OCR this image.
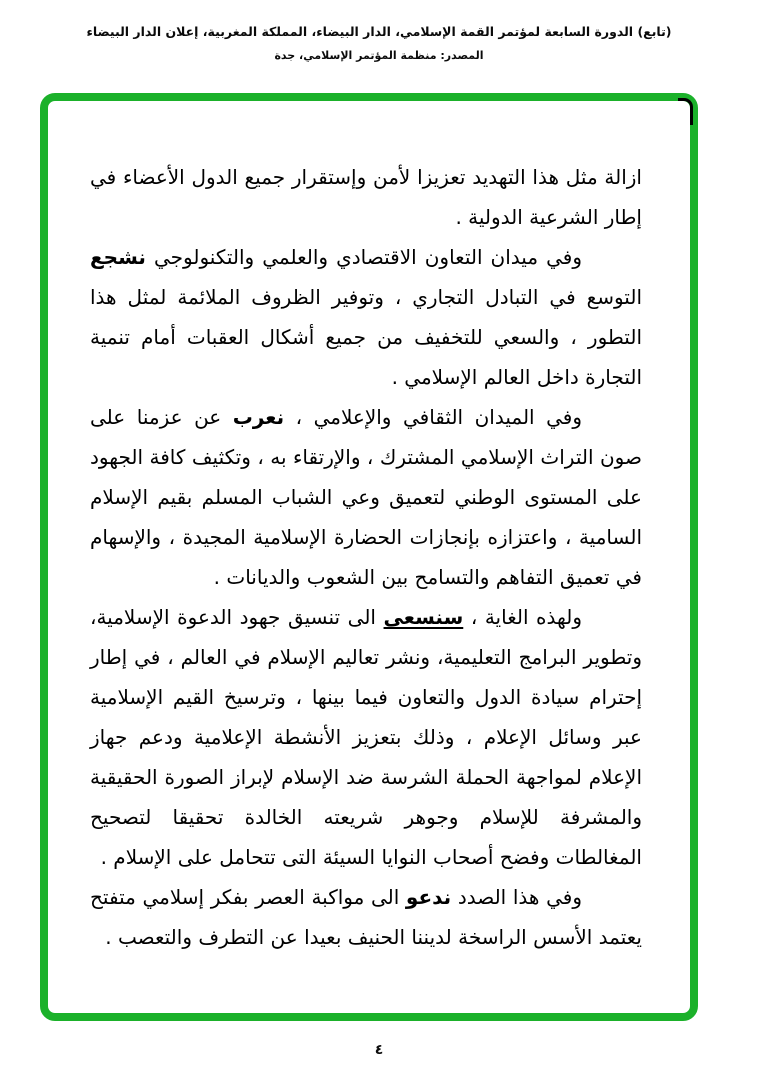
(تابع) الدورة السابعة لمؤتمر القمة الإسلامي، الدار البيضاء، المملكة المغربية، إعلان الدار البيضاء
المصدر: منظمة المؤتمر الإسلامي، جدة

ازالة مثل هذا التهديد تعزيزا لأمن وإستقرار جميع الدول الأعضاء في إطار الشرعية الدولية .

وفي ميدان التعاون الاقتصادي والعلمي والتكنولوجي نشجع التوسع في التبادل التجاري ، وتوفير الظروف الملائمة لمثل هذا التطور ، والسعي للتخفيف من جميع أشكال العقبات أمام تنمية التجارة داخل العالم الإسلامي .

وفي الميدان الثقافي والإعلامي ، نعرب عن عزمنا على صون التراث الإسلامي المشترك ، والإرتقاء به ، وتكثيف كافة الجهود على المستوى الوطني لتعميق وعي الشباب المسلم بقيم الإسلام السامية ، واعتزازه بإنجازات الحضارة الإسلامية المجيدة ، والإسهام في تعميق التفاهم والتسامح بين الشعوب والديانات .

ولهذه الغاية ، سنسعى الى تنسيق جهود الدعوة الإسلامية، وتطوير البرامج التعليمية، ونشر تعاليم الإسلام في العالم ، في إطار إحترام سيادة الدول والتعاون فيما بينها ، وترسيخ القيم الإسلامية عبر وسائل الإعلام ، وذلك بتعزيز الأنشطة الإعلامية ودعم جهاز الإعلام لمواجهة الحملة الشرسة ضد الإسلام لإبراز الصورة الحقيقية والمشرفة للإسلام وجوهر شريعته الخالدة تحقيقا لتصحيح المغالطات وفضح أصحاب النوايا السيئة التى تتحامل على الإسلام .

وفي هذا الصدد ندعو الى مواكبة العصر بفكر إسلامي متفتح يعتمد الأسس الراسخة لديننا الحنيف بعيدا عن التطرف والتعصب .

٤
